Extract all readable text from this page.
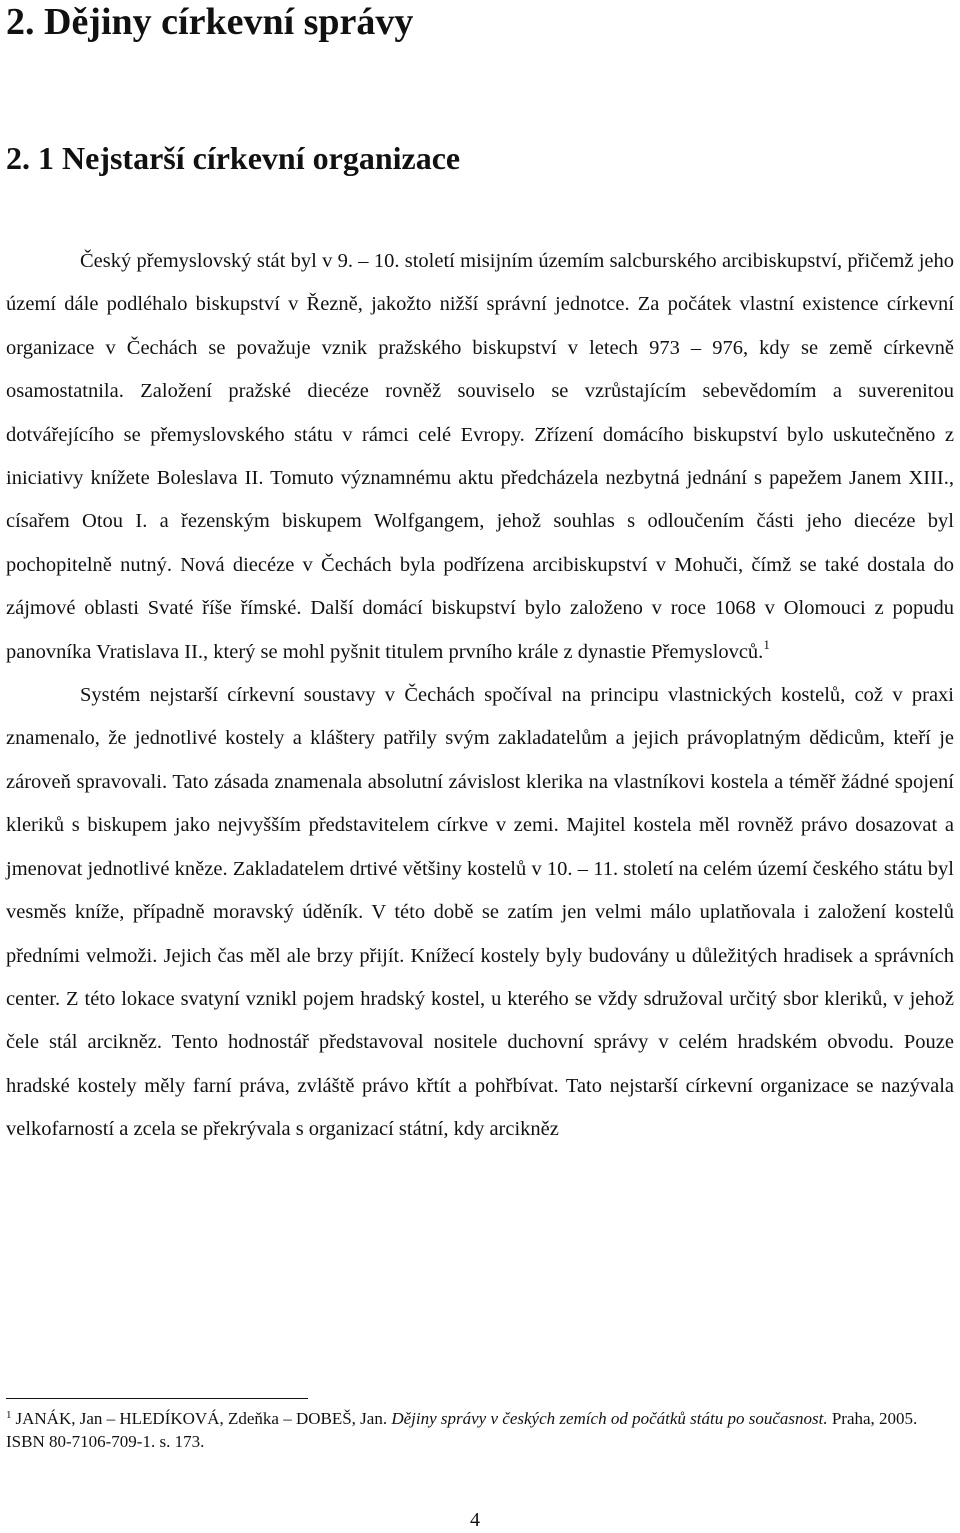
2. Dějiny církevní správy
2. 1 Nejstarší církevní organizace

Český přemyslovský stát byl v 9. – 10. století misijním územím salcburského arcibiskupství, přičemž jeho území dále podléhalo biskupství v Řezně, jakožto nižší správní jednotce. Za počátek vlastní existence církevní organizace v Čechách se považuje vznik pražského biskupství v letech 973 – 976, kdy se země církevně osamostatnila. Založení pražské diecéze rovněž souviselo se vzrůstajícím sebevědomím a suverenitou dotvářejícího se přemyslovského státu v rámci celé Evropy. Zřízení domácího biskupství bylo uskutečněno z iniciativy knížete Boleslava II. Tomuto významnému aktu předcházela nezbytná jednání s papežem Janem XIII., císařem Otou I. a řezenským biskupem Wolfgangem, jehož souhlas s odloučením části jeho diecéze byl pochopitelně nutný. Nová diecéze v Čechách byla podřízena arcibiskupství v Mohuči, čímž se také dostala do zájmové oblasti Svaté říše římské. Další domácí biskupství bylo založeno v roce 1068 v Olomouci z popudu panovníka Vratislava II., který se mohl pyšnit titulem prvního krále z dynastie Přemyslovců.$^1$

Systém nejstarší církevní soustavy v Čechách spočíval na principu vlastnických kostelů, což v praxi znamenalo, že jednotlivé kostely a kláštery patřily svým zakladatelům a jejich právoplatným dědicům, kteří je zároveň spravovali. Tato zásada znamenala absolutní závislost klerika na vlastníkovi kostela a téměř žádné spojení kleriků s biskupem jako nejvyšším představitelem církve v zemi. Majitel kostela měl rovněž právo dosazovat a jmenovat jednotlivé kněze. Zakladatelem drtivé většiny kostelů v 10. – 11. století na celém území českého státu byl vesměs kníže, případně moravský úděník. V této době se zatím jen velmi málo uplatňovala i založení kostelů předními velmoži. Jejich čas měl ale brzy přijít. Knížecí kostely byly budovány u důležitých hradisek a správních center. Z této lokace svatyní vznikl pojem hradský kostel, u kterého se vždy sdružoval určitý sbor kleriků, v jehož čele stál arcikněz. Tento hodnostář představoval nositele duchovní správy v celém hradském obvodu. Pouze hradské kostely měly farní práva, zvláště právo křtít a pohřbívat. Tato nejstarší církevní organizace se nazývala velkofarností a zcela se překrývala s organizací státní, kdy arcikněz

$^1$ JANÁK, Jan – HLEDÍKOVÁ, Zdeňka – DOBEŠ, Jan. Dějiny správy v českých zemích od počátků státu po současnost. Praha, 2005. ISBN 80-7106-709-1. s. 173.
4
